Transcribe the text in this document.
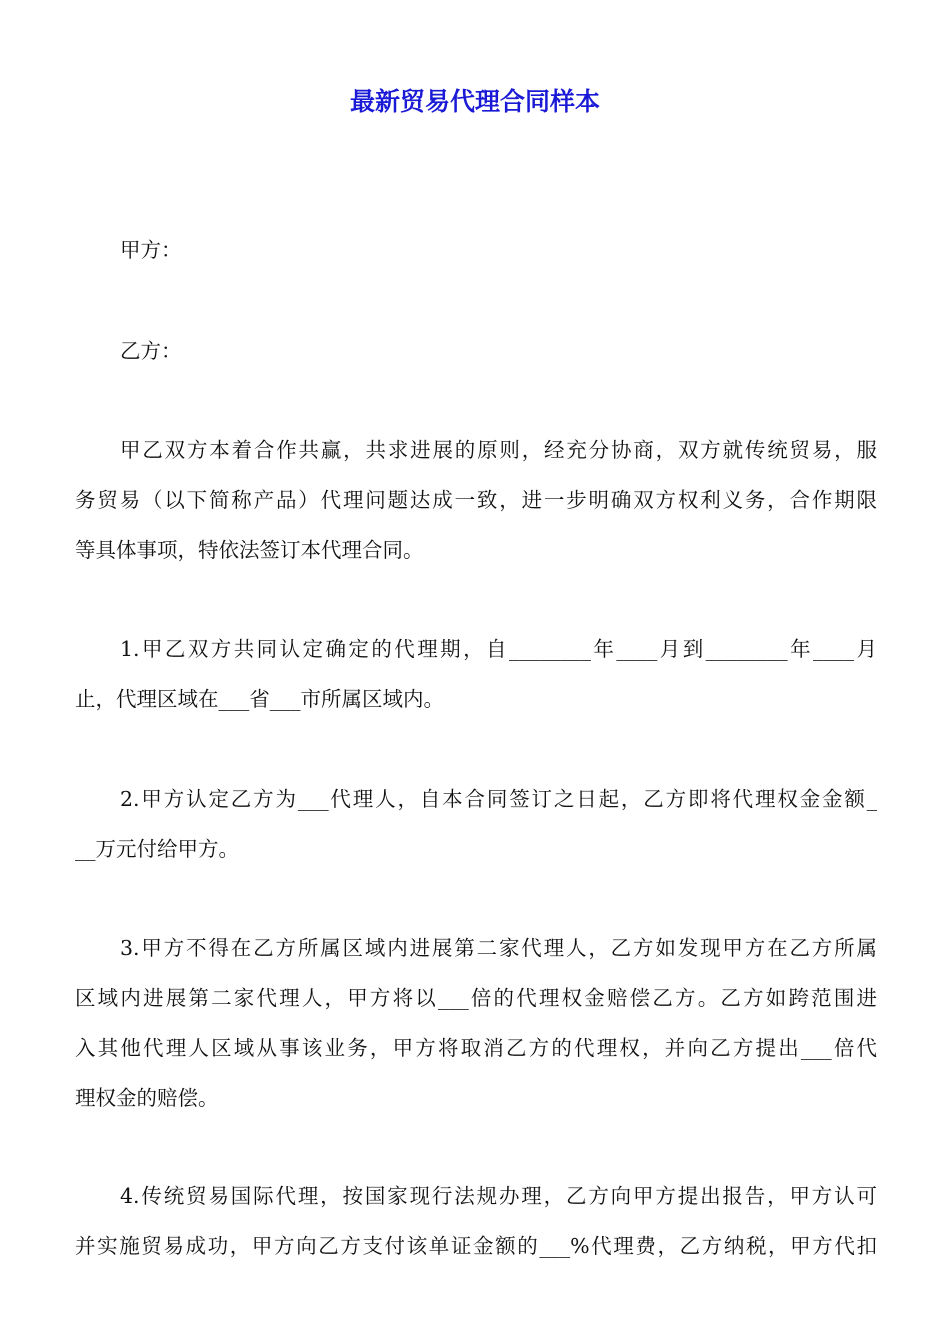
最新贸易代理合同样本

甲方：

乙方：

甲乙双方本着合作共赢，共求进展的原则，经充分协商，双方就传统贸易，服
务贸易（以下简称产品）代理问题达成一致，进一步明确双方权利义务，合作期限
等具体事项，特依法签订本代理合同。
1.甲乙双方共同认定确定的代理期，自________年____月到________年____月
止，代理区域在___省___市所属区域内。
2.甲方认定乙方为___代理人，自本合同签订之日起，乙方即将代理权金金额_
__万元付给甲方。
3.甲方不得在乙方所属区域内进展第二家代理人，乙方如发现甲方在乙方所属
区域内进展第二家代理人，甲方将以___倍的代理权金赔偿乙方。乙方如跨范围进
入其他代理人区域从事该业务，甲方将取消乙方的代理权，并向乙方提出___倍代
理权金的赔偿。
4.传统贸易国际代理，按国家现行法规办理，乙方向甲方提出报告，甲方认可
并实施贸易成功，甲方向乙方支付该单证金额的___%代理费，乙方纳税，甲方代扣
